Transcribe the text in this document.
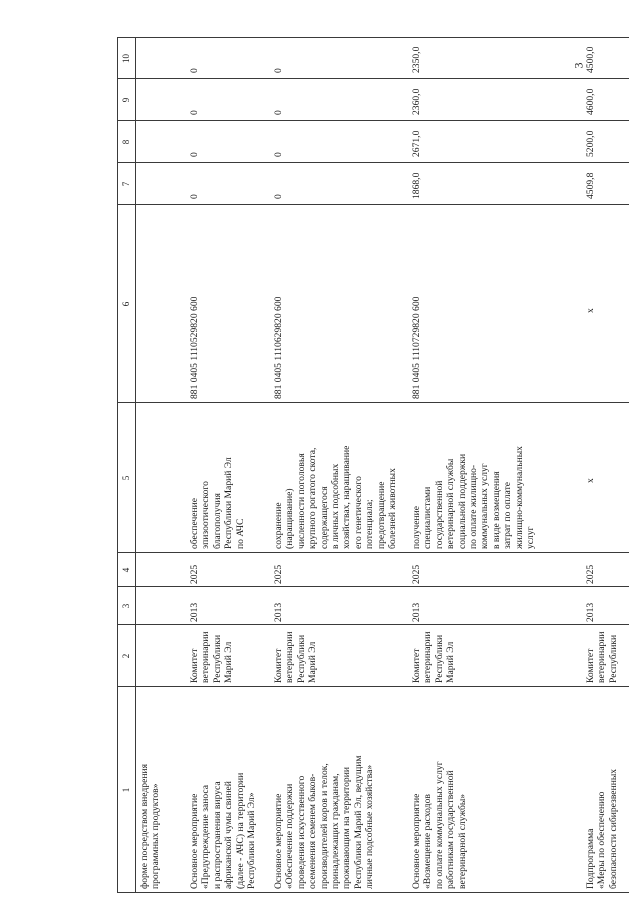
3
1
2
3
4
5
6
7
8
9
10
форме посредством внедрения
программных продуктов»
Основное мероприятие
«Предупреждение заноса
и распространения вируса
африканской чумы свиней
(далее - АЧС) на территории
Республики Марий Эл»
Комитет
ветеринарии
Республики
Марий Эл
2013
2025
обеспечение
эпизоотического
благополучия
Республики Марий Эл
по АЧС
881 0405 1110529820 600
0
0
0
0
Основное мероприятие
«Обеспечение поддержки
проведения искусственного
осеменения семенем быков-
производителей коров и телок,
принадлежащих гражданам,
проживающим на территории
Республики Марий Эл, ведущим
личные подсобные хозяйства»
Комитет
ветеринарии
Республики
Марий Эл
2013
2025
сохранение
(наращивание)
численности поголовья
крупного рогатого скота,
содержащегося
в личных подсобных
хозяйствах, наращивание
его генетического
потенциала;
предотвращение
болезней животных
881 0405 1110629820 600
0
0
0
0
Основное мероприятие
«Возмещение расходов
по оплате коммунальных услуг
работникам государственной
ветеринарной службы»
Комитет
ветеринарии
Республики
Марий Эл
2013
2025
получение
специалистами
государственной
ветеринарной службы
социальной поддержки
по оплате жилищно-
коммунальных услуг
в виде возмещения
затрат по оплате
жилищно-коммунальных
услуг
881 0405 1110729820 600
1868,0
2671,0
2360,0
2350,0
Подпрограмма
«Меры по обеспечению
безопасности сибирезвенных
Комитет
ветеринарии
Республики
2013
2025
х
х
4509,8
5200,0
4600,0
4500,0
